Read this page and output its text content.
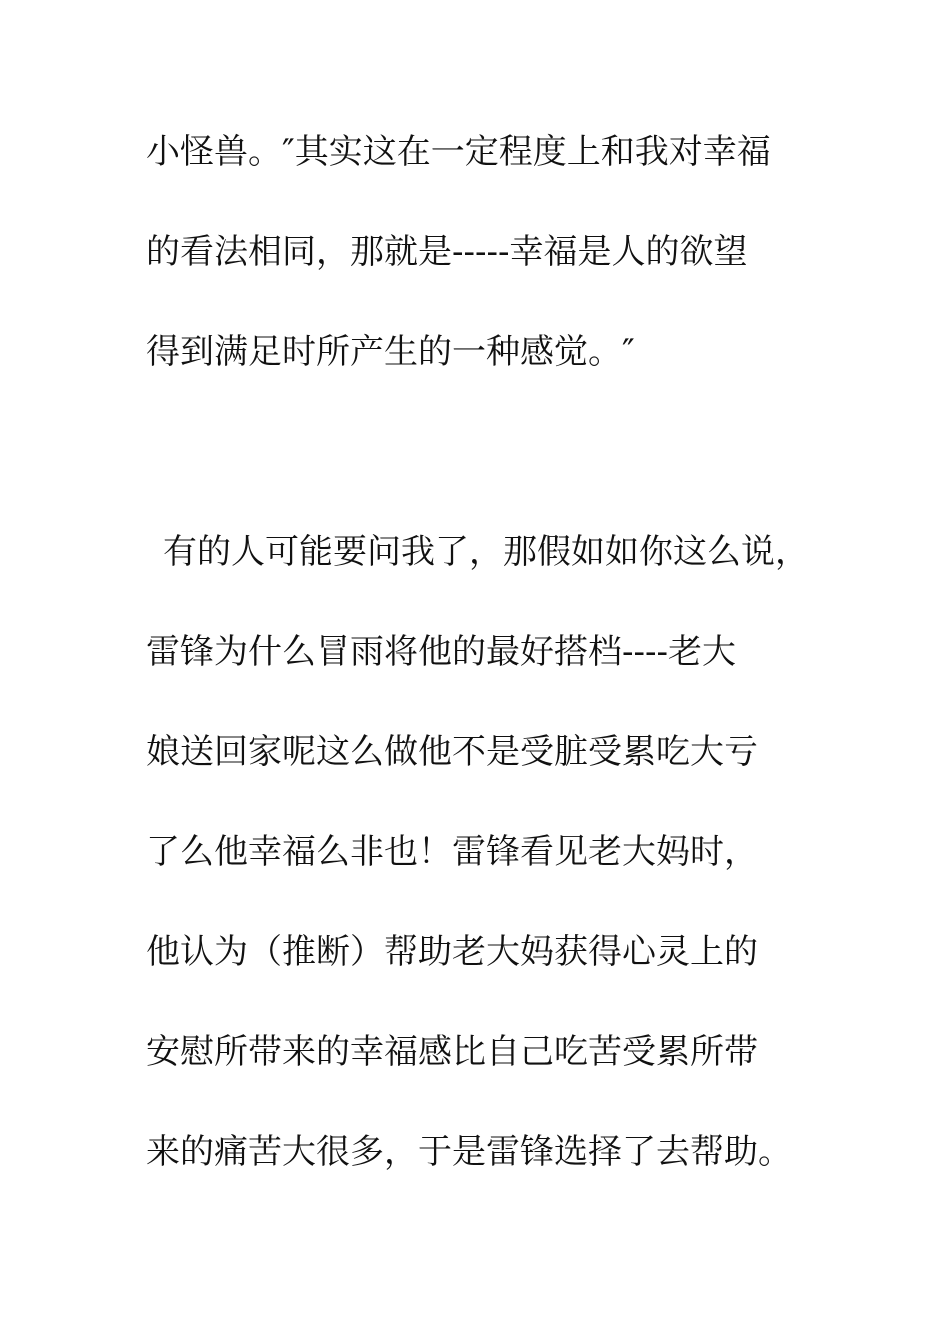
小怪兽。″其实这在一定程度上和我对幸福
的看法相同，那就是-----幸福是人的欲望
得到满足时所产生的一种感觉。″
有的人可能要问我了，那假如如你这么说，
雷锋为什么冒雨将他的最好搭档----老大
娘送回家呢这么做他不是受脏受累吃大亏
了么他幸福么非也！雷锋看见老大妈时，
他认为（推断）帮助老大妈获得心灵上的
安慰所带来的幸福感比自己吃苦受累所带
来的痛苦大很多，于是雷锋选择了去帮助。
